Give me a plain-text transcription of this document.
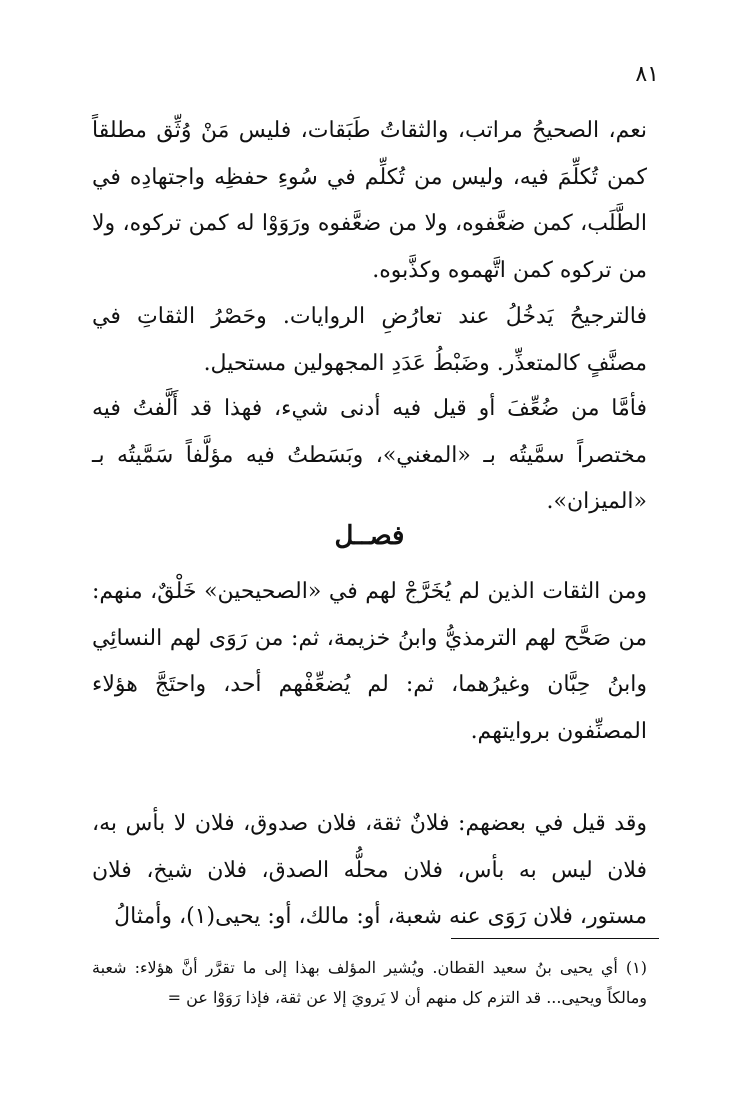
٨١

نعم، الصحيحُ مراتب، والثقاتُ طَبَقات، فليس مَنْ وُثِّق مطلقاً كمن تُكلِّمَ فيه، وليس من تُكلِّم في سُوءِ حفظِه واجتهادِه في الطَّلَب، كمن ضعَّفوه، ولا من ضعَّفوه ورَوَوْا له كمن تركوه، ولا من تركوه كمن اتَّهموه وكذَّبوه.

فالترجيحُ يَدخُلُ عند تعارُضِ الروايات. وحَصْرُ الثقاتِ في مصنَّفٍ كالمتعذِّر. وضَبْطُ عَدَدِ المجهولين مستحيل.

فأمَّا من ضُعِّفَ أو قيل فيه أدنى شيء، فهذا قد أَلَّفتُ فيه مختصراً سمَّيتُه بـ «المغني»، وبَسَطتُ فيه مؤلَّفاً سَمَّيتُه بـ «الميزان».

فصــل

ومن الثقات الذين لم يُخَرَّجْ لهم في «الصحيحين» خَلْقٌ، منهم: من صَحَّح لهم الترمذيُّ وابنُ خزيمة، ثم: من رَوَى لهم النسائِي وابنُ حِبَّان وغيرُهما، ثم: لم يُضعِّفْهم أحد، واحتَجَّ هؤلاء المصنِّفون بروايتهم.

وقد قيل في بعضهم: فلانٌ ثقة، فلان صدوق، فلان لا بأس به، فلان ليس به بأس، فلان محلُّه الصدق، فلان شيخ، فلان مستور، فلان رَوَى عنه شعبة، أو: مالك، أو: يحيى(١)، وأمثالُ

(١) أي يحيى بنُ سعيد القطان. ويُشير المؤلف بهذا إلى ما تقرَّر أنَّ هؤلاء: شعبة ومالكاً ويحيى... قد التزم كل منهم أن لا يَرويَ إلا عن ثقة، فإذا رَوَوْا عن =
